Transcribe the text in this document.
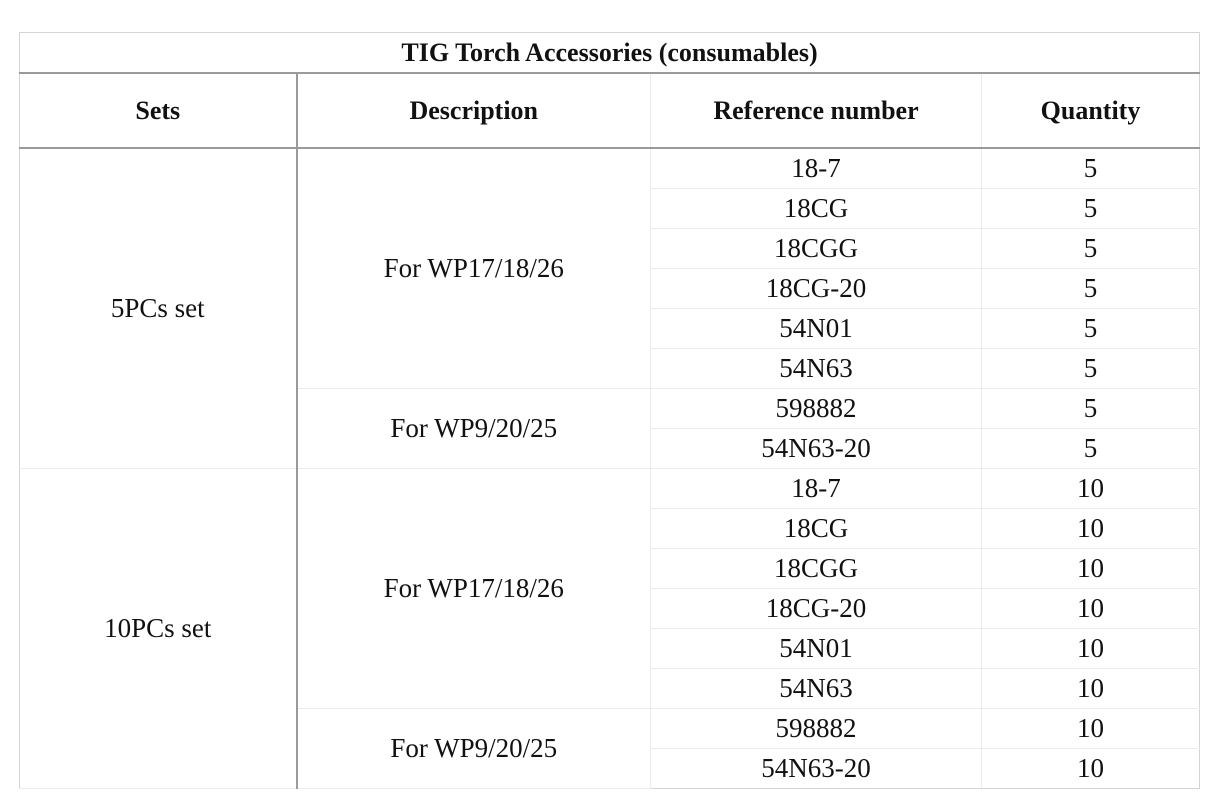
TIG Torch Accessories (consumables)			
Sets	Description	Reference number	Quantity
5PCs set	For WP17/18/26	18-7	5
		18CG	5
		18CGG	5
		18CG-20	5
		54N01	5
		54N63	5
	For WP9/20/25	598882	5
		54N63-20	5
10PCs set	For WP17/18/26	18-7	10
		18CG	10
		18CGG	10
		18CG-20	10
		54N01	10
		54N63	10
	For WP9/20/25	598882	10
		54N63-20	10
